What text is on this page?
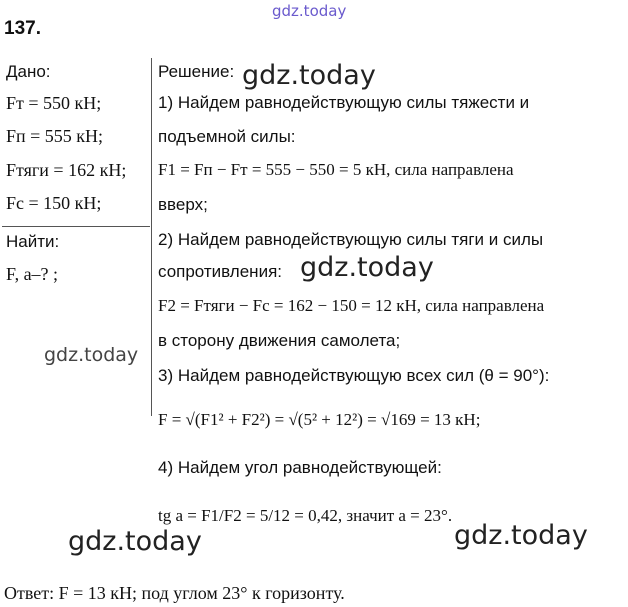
gdz.today
gdz.today
gdz.today
gdz.today
gdz.today	gdz.today
137.
Дано:
Fт = 550 кН;
Fп = 555 кН;
Fтяги = 162 кН;
Fс = 150 кН;
Найти:
F, a–? ;
Решение:
1) Найдем равнодействующую силы тяжести и
подъемной силы:
F1 = Fп − Fт = 555 − 550 = 5 кН, сила направлена
вверх;
2) Найдем равнодействующую силы тяги и силы
сопротивления:
F2 = Fтяги − Fс = 162 − 150 = 12 кН, сила направлена
в сторону движения самолета;
3) Найдем равнодействующую всех сил (θ = 90°):
F = √(F1² + F2²) = √(5² + 12²) = √169 = 13 кН;
4) Найдем угол равнодействующей:
tg a = F1/F2 = 5/12 = 0,42, значит a = 23°.
Ответ: F = 13 кН; под углом 23° к горизонту.
